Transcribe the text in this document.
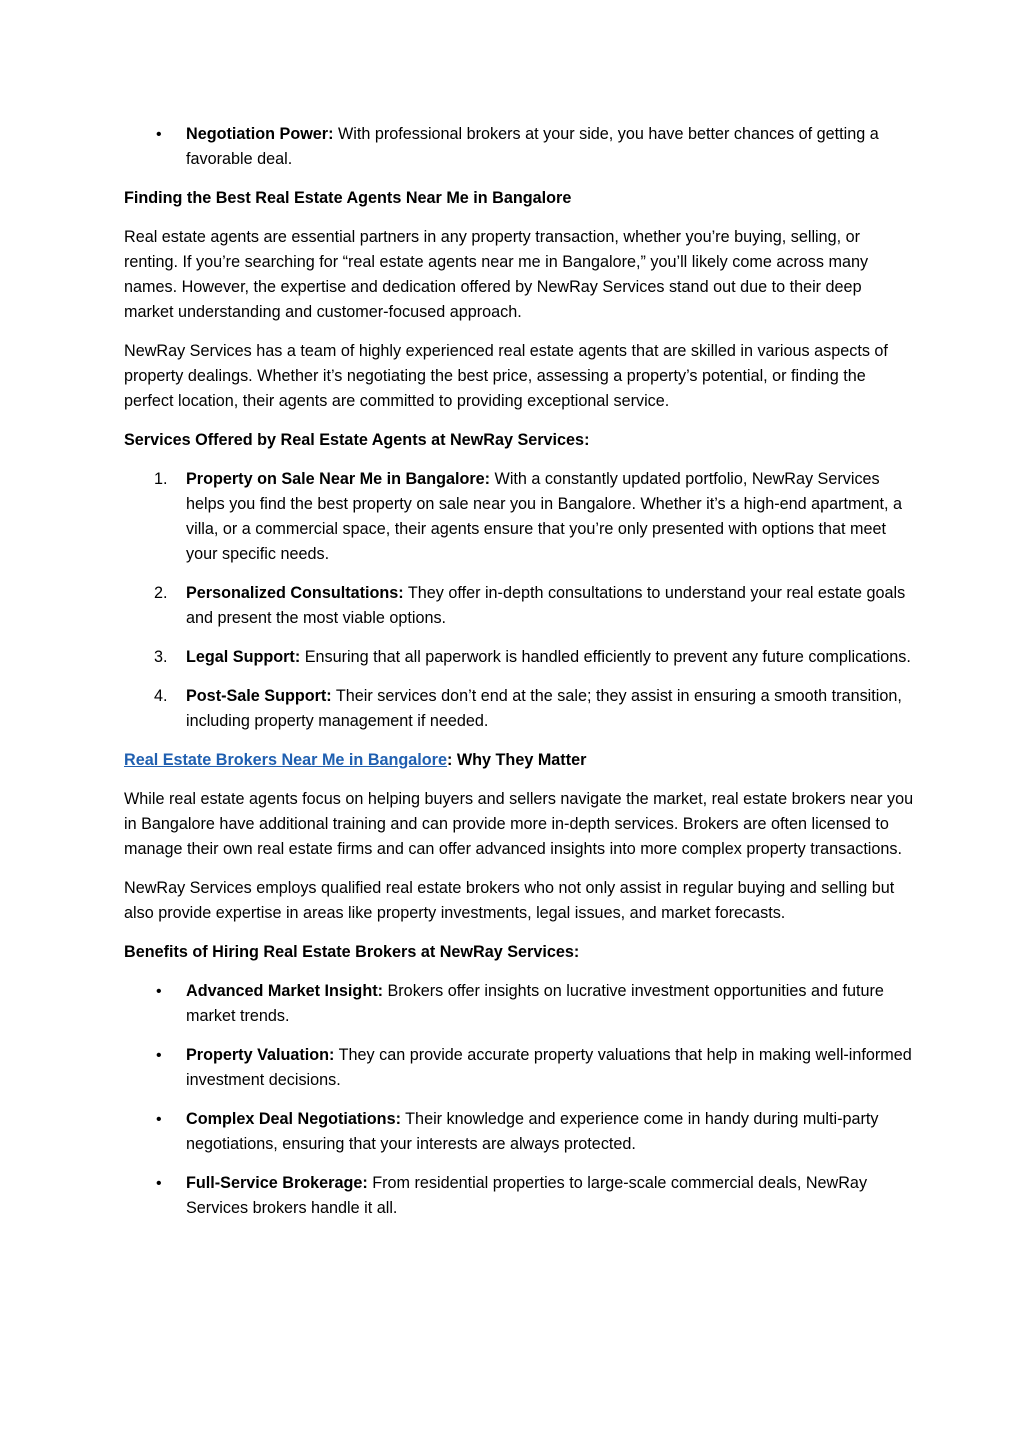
• Negotiation Power: With professional brokers at your side, you have better chances of getting a favorable deal.

Finding the Best Real Estate Agents Near Me in Bangalore

Real estate agents are essential partners in any property transaction, whether you’re buying, selling, or renting. If you’re searching for “real estate agents near me in Bangalore,” you’ll likely come across many names. However, the expertise and dedication offered by NewRay Services stand out due to their deep market understanding and customer-focused approach.

NewRay Services has a team of highly experienced real estate agents that are skilled in various aspects of property dealings. Whether it’s negotiating the best price, assessing a property’s potential, or finding the perfect location, their agents are committed to providing exceptional service.

Services Offered by Real Estate Agents at NewRay Services:

1. Property on Sale Near Me in Bangalore: With a constantly updated portfolio, NewRay Services helps you find the best property on sale near you in Bangalore. Whether it’s a high-end apartment, a villa, or a commercial space, their agents ensure that you’re only presented with options that meet your specific needs.
2. Personalized Consultations: They offer in-depth consultations to understand your real estate goals and present the most viable options.
3. Legal Support: Ensuring that all paperwork is handled efficiently to prevent any future complications.
4. Post-Sale Support: Their services don’t end at the sale; they assist in ensuring a smooth transition, including property management if needed.

Real Estate Brokers Near Me in Bangalore: Why They Matter

While real estate agents focus on helping buyers and sellers navigate the market, real estate brokers near you in Bangalore have additional training and can provide more in-depth services. Brokers are often licensed to manage their own real estate firms and can offer advanced insights into more complex property transactions.

NewRay Services employs qualified real estate brokers who not only assist in regular buying and selling but also provide expertise in areas like property investments, legal issues, and market forecasts.

Benefits of Hiring Real Estate Brokers at NewRay Services:

• Advanced Market Insight: Brokers offer insights on lucrative investment opportunities and future market trends.
• Property Valuation: They can provide accurate property valuations that help in making well-informed investment decisions.
• Complex Deal Negotiations: Their knowledge and experience come in handy during multi-party negotiations, ensuring that your interests are always protected.
• Full-Service Brokerage: From residential properties to large-scale commercial deals, NewRay Services brokers handle it all.
